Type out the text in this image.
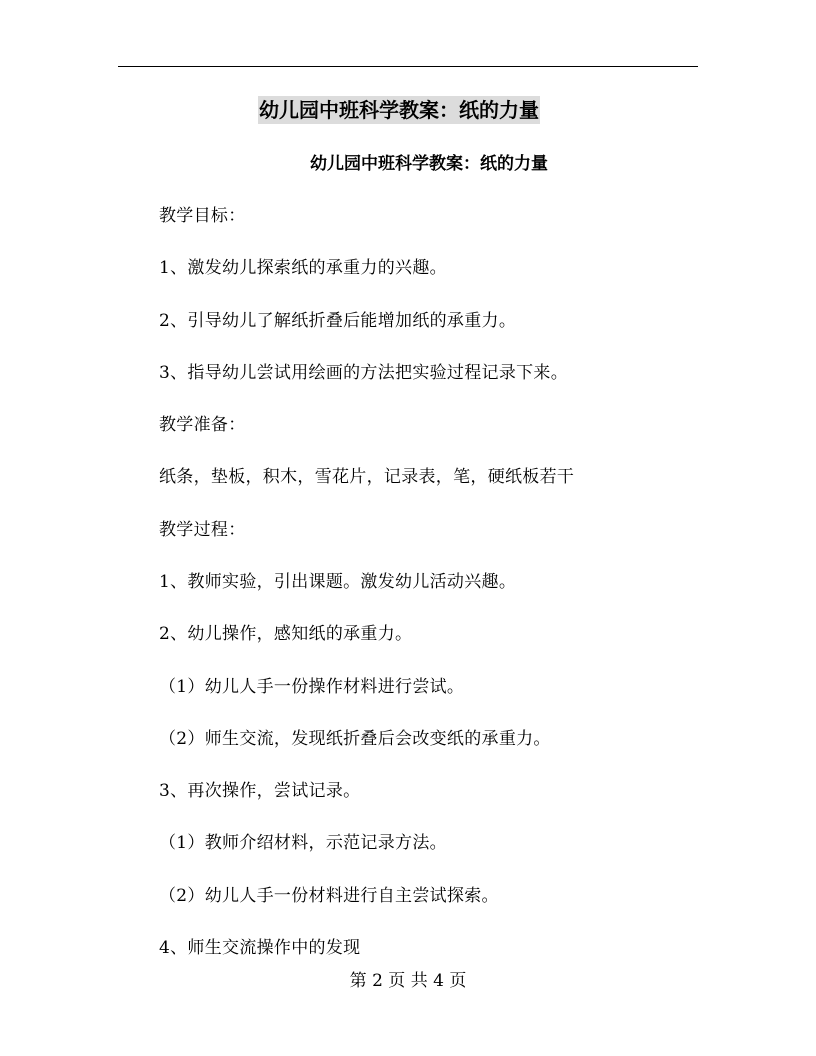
幼儿园中班科学教案：纸的力量
幼儿园中班科学教案：纸的力量
教学目标：
1、激发幼儿探索纸的承重力的兴趣。
2、引导幼儿了解纸折叠后能增加纸的承重力。
3、指导幼儿尝试用绘画的方法把实验过程记录下来。
教学准备：
纸条，垫板，积木，雪花片，记录表，笔，硬纸板若干
教学过程：
1、教师实验，引出课题。激发幼儿活动兴趣。
2、幼儿操作，感知纸的承重力。
（1）幼儿人手一份操作材料进行尝试。
（2）师生交流，发现纸折叠后会改变纸的承重力。
3、再次操作，尝试记录。
（1）教师介绍材料，示范记录方法。
（2）幼儿人手一份材料进行自主尝试探索。
4、师生交流操作中的发现
第 2 页 共 4 页
